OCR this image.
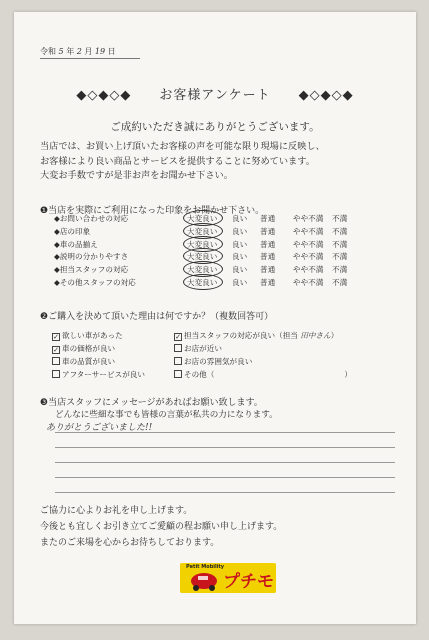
令和 5 年 2 月 19 日
◆◇◆◇◆　　お客様アンケート　　◆◇◆◇◆
ご成約いただき誠にありがとうございます。
当店では、お買い上げ頂いたお客様の声を可能な限り現場に反映し、
お客様により良い商品とサービスを提供することに努めています。
大変お手数ですが是非お声をお聞かせ下さい。
❶当店を実際にご利用になった印象をお聞かせ下さい。
◆お問い合わせの対応	大変良い 良い 普通 やや不満 不満
◆店の印象	大変良い 良い 普通 やや不満 不満
◆車の品揃え	大変良い 良い 普通 やや不満 不満
◆説明の分かりやすさ	大変良い 良い 普通 やや不満 不満
◆担当スタッフの対応	大変良い 良い 普通 やや不満 不満
◆その他スタッフの対応	大変良い 良い 普通 やや不満 不満
❷ご購入を決めて頂いた理由は何ですか？（複数回答可）
✓ 欲しい車があった	✓ 担当スタッフの対応が良い（担当 田中さん）
✓ 車の価格が良い	お店が近い
車の品質が良い	お店の雰囲気が良い
アフターサービスが良い	その他（	）
❸当店スタッフにメッセージがあればお願い致します。
どんなに些細な事でも皆様の言葉が私共の力になります。
ありがとうございました!!
ご協力に心よりお礼を申し上げます。
今後とも宜しくお引き立てご愛顧の程お願い申し上げます。
またのご来場を心からお待ちしております。
Petit Mobility
プチモ
